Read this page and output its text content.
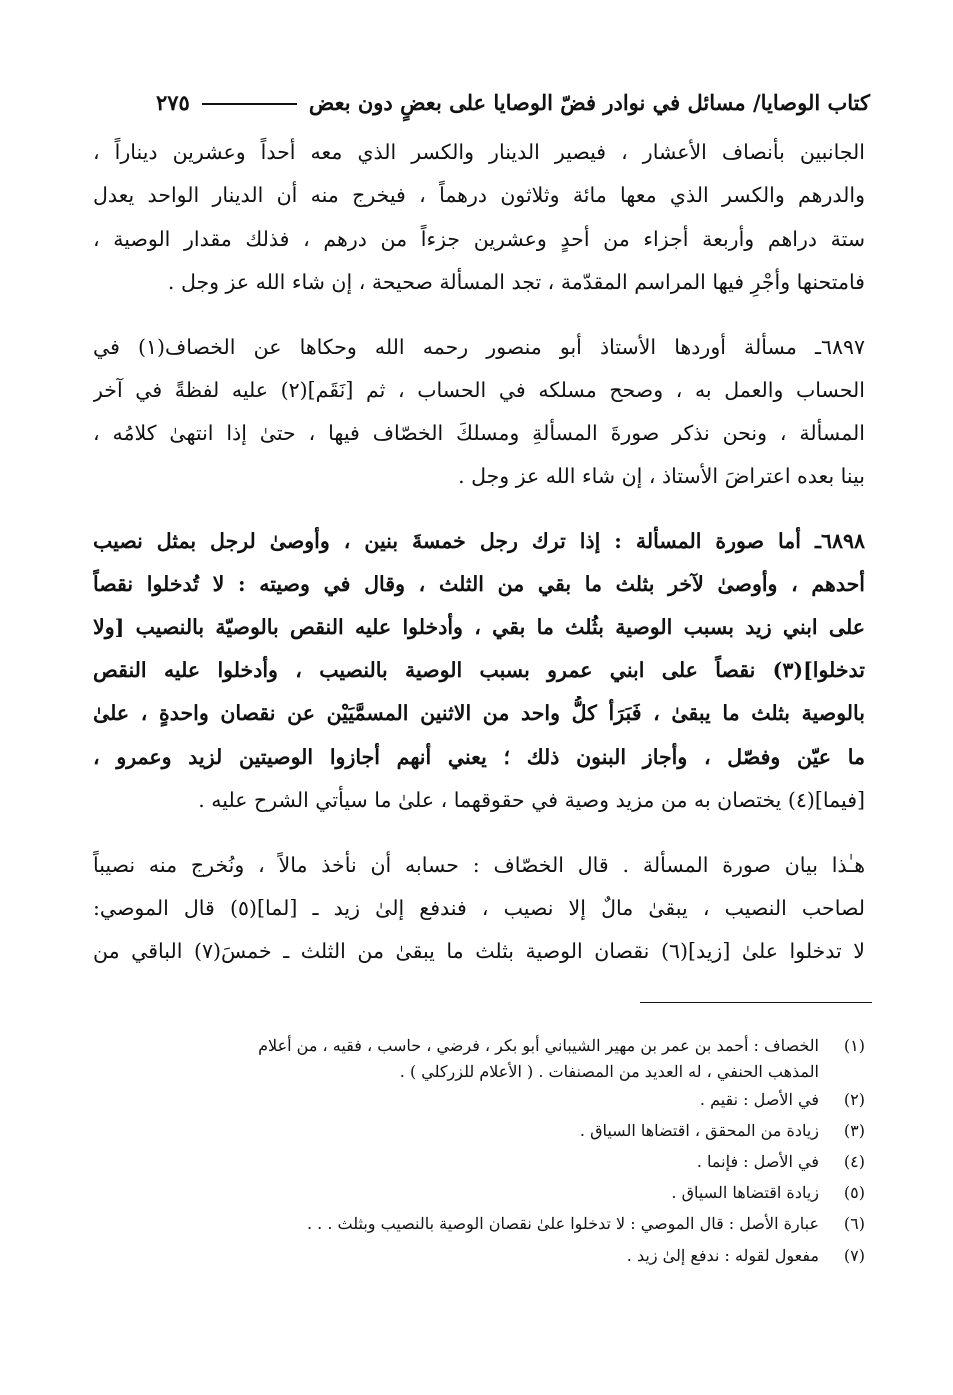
كتاب الوصايا/ مسائل في نوادر فضّ الوصايا على بعضٍ دون بعض
٢٧٥
الجانبين بأنصاف الأعشار ، فيصير الدينار والكسر الذي معه أحداً وعشرين ديناراً ،
والدرهم والكسر الذي معها مائة وثلاثون درهماً ، فيخرج منه أن الدينار الواحد يعدل
ستة دراهم وأربعة أجزاء من أحدٍ وعشرين جزءاً من درهم ، فذلك مقدار الوصية ،
فامتحنها وأجْرِ فيها المراسم المقدّمة ، تجد المسألة صحيحة ، إن شاء الله عز وجل .
٦٨٩٧ـ مسألة أوردها الأستاذ أبو منصور رحمه الله وحكاها عن الخصاف(١) في
الحساب والعمل به ، وصحح مسلكه في الحساب ، ثم [نَقَم](٢) عليه لفظةً في آخر
المسألة ، ونحن نذكر صورةَ المسألةِ ومسلكَ الخصّاف فيها ، حتىٰ إذا انتهىٰ كلامُه ،
بينا بعده اعتراضَ الأستاذ ، إن شاء الله عز وجل .
٦٨٩٨ـ أما صورة المسألة : إذا ترك رجل خمسةَ بنين ، وأوصىٰ لرجل بمثل نصيب
أحدهم ، وأوصىٰ لآخر بثلث ما بقي من الثلث ، وقال في وصيته : لا تُدخلوا نقصاً
على ابني زيد بسبب الوصية بثُلث ما بقي ، وأدخلوا عليه النقص بالوصيّة بالنصيب [ولا
تدخلوا](٣) نقصاً على ابني عمرو بسبب الوصية بالنصيب ، وأدخلوا عليه النقص
بالوصية بثلث ما يبقىٰ ، فَبَرَأ كلُّ واحد من الاثنين المسمَّيَيْن عن نقصان واحدةٍ ، علىٰ
ما عيّن وفصّل ، وأجاز البنون ذلك ؛ يعني أنهم أجازوا الوصيتين لزيد وعمرو ،
[فيما](٤) يختصان به من مزيد وصية في حقوقهما ، علىٰ ما سيأتي الشرح عليه .
هـٰذا بيان صورة المسألة . قال الخصّاف : حسابه أن نأخذ مالاً ، ونُخرج منه نصيباً
لصاحب النصيب ، يبقىٰ مالٌ إلا نصيب ، فندفع إلىٰ زيد ـ [لما](٥) قال الموصي:
لا تدخلوا علىٰ [زيد](٦) نقصان الوصية بثلث ما يبقىٰ من الثلث ـ خمسَ(٧) الباقي من
(١)الخصاف : أحمد بن عمر بن مهير الشيباني أبو بكر ، فرضي ، حاسب ، فقيه ، من أعلام
المذهب الحنفي ، له العديد من المصنفات . ( الأعلام للزركلي ) .
(٢)في الأصل : نقيم .
(٣)زيادة من المحقق ، اقتضاها السياق .
(٤)في الأصل : فإنما .
(٥)زيادة اقتضاها السياق .
(٦)عبارة الأصل : قال الموصي : لا تدخلوا علىٰ نقصان الوصية بالنصيب وبثلث . . .
(٧)مفعول لقوله : ندفع إلىٰ زيد .
